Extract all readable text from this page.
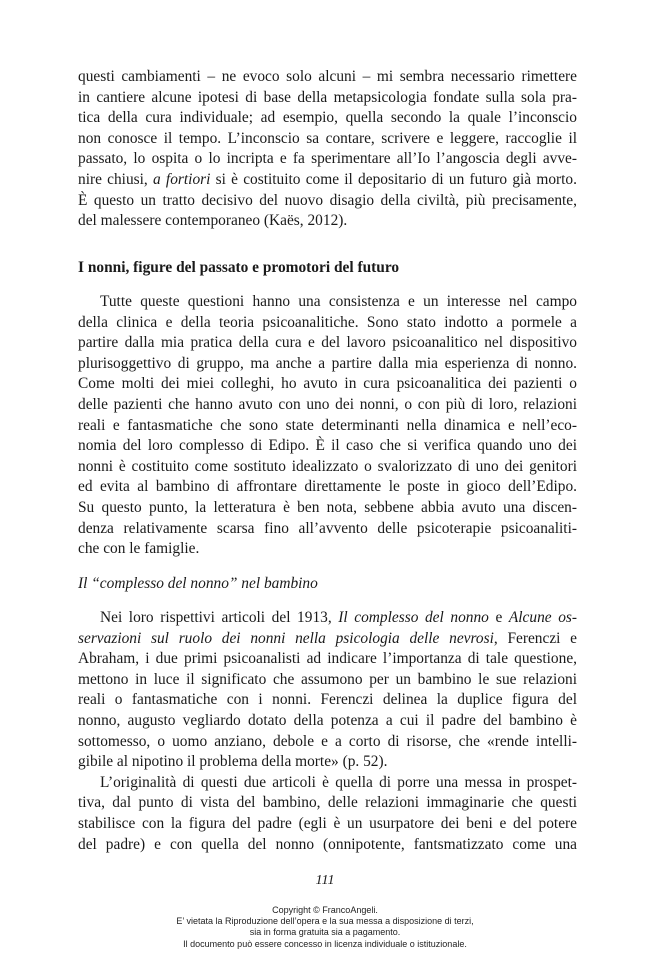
questi cambiamenti – ne evoco solo alcuni – mi sembra necessario rimettere
in cantiere alcune ipotesi di base della metapsicologia fondate sulla sola pra-
tica della cura individuale; ad esempio, quella secondo la quale l’inconscio
non conosce il tempo. L’inconscio sa contare, scrivere e leggere, raccoglie il
passato, lo ospita o lo incripta e fa sperimentare all’Io l’angoscia degli avve-
nire chiusi, a fortiori si è costituito come il depositario di un futuro già morto.
È questo un tratto decisivo del nuovo disagio della civiltà, più precisamente,
del malessere contemporaneo (Kaës, 2012).
I nonni, figure del passato e promotori del futuro
Tutte queste questioni hanno una consistenza e un interesse nel campo
della clinica e della teoria psicoanalitiche. Sono stato indotto a pormele a
partire dalla mia pratica della cura e del lavoro psicoanalitico nel dispositivo
plurisoggettivo di gruppo, ma anche a partire dalla mia esperienza di nonno.
Come molti dei miei colleghi, ho avuto in cura psicoanalitica dei pazienti o
delle pazienti che hanno avuto con uno dei nonni, o con più di loro, relazioni
reali e fantasmatiche che sono state determinanti nella dinamica e nell’eco-
nomia del loro complesso di Edipo. È il caso che si verifica quando uno dei
nonni è costituito come sostituto idealizzato o svalorizzato di uno dei genitori
ed evita al bambino di affrontare direttamente le poste in gioco dell’Edipo.
Su questo punto, la letteratura è ben nota, sebbene abbia avuto una discen-
denza relativamente scarsa fino all’avvento delle psicoterapie psicoanaliti-
che con le famiglie.
Il “complesso del nonno” nel bambino
Nei loro rispettivi articoli del 1913, Il complesso del nonno e Alcune os-
servazioni sul ruolo dei nonni nella psicologia delle nevrosi, Ferenczi e
Abraham, i due primi psicoanalisti ad indicare l’importanza di tale questione,
mettono in luce il significato che assumono per un bambino le sue relazioni
reali o fantasmatiche con i nonni. Ferenczi delinea la duplice figura del
nonno, augusto vegliardo dotato della potenza a cui il padre del bambino è
sottomesso, o uomo anziano, debole e a corto di risorse, che «rende intelli-
gibile al nipotino il problema della morte» (p. 52).
L’originalità di questi due articoli è quella di porre una messa in prospet-
tiva, dal punto di vista del bambino, delle relazioni immaginarie che questi
stabilisce con la figura del padre (egli è un usurpatore dei beni e del potere
del padre) e con quella del nonno (onnipotente, fantsmatizzato come una
111
Copyright © FrancoAngeli.
E’ vietata la Riproduzione dell’opera e la sua messa a disposizione di terzi,
sia in forma gratuita sia a pagamento.
Il documento può essere concesso in licenza individuale o istituzionale.
